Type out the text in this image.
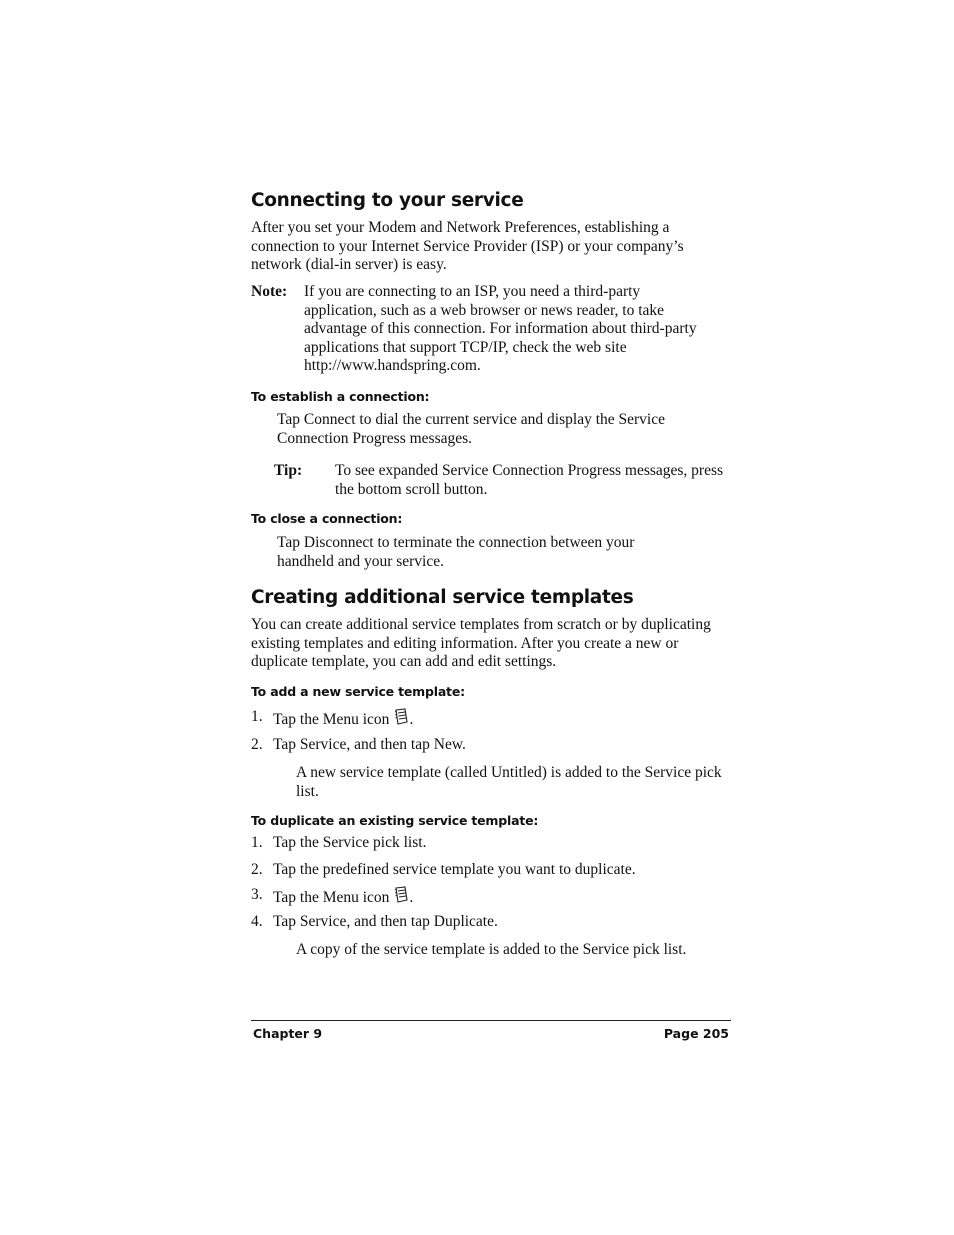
Connecting to your service
After you set your Modem and Network Preferences, establishing a connection to your Internet Service Provider (ISP) or your company’s network (dial-in server) is easy.
Note: If you are connecting to an ISP, you need a third-party application, such as a web browser or news reader, to take advantage of this connection. For information about third-party applications that support TCP/IP, check the web site http://www.handspring.com.
To establish a connection:
Tap Connect to dial the current service and display the Service Connection Progress messages.
Tip: To see expanded Service Connection Progress messages, press the bottom scroll button.
To close a connection:
Tap Disconnect to terminate the connection between your handheld and your service.
Creating additional service templates
You can create additional service templates from scratch or by duplicating existing templates and editing information. After you create a new or duplicate template, you can add and edit settings.
To add a new service template:
1. Tap the Menu icon .
2. Tap Service, and then tap New.
A new service template (called Untitled) is added to the Service pick list.
To duplicate an existing service template:
1. Tap the Service pick list.
2. Tap the predefined service template you want to duplicate.
3. Tap the Menu icon .
4. Tap Service, and then tap Duplicate.
A copy of the service template is added to the Service pick list.
Chapter 9	Page 205
